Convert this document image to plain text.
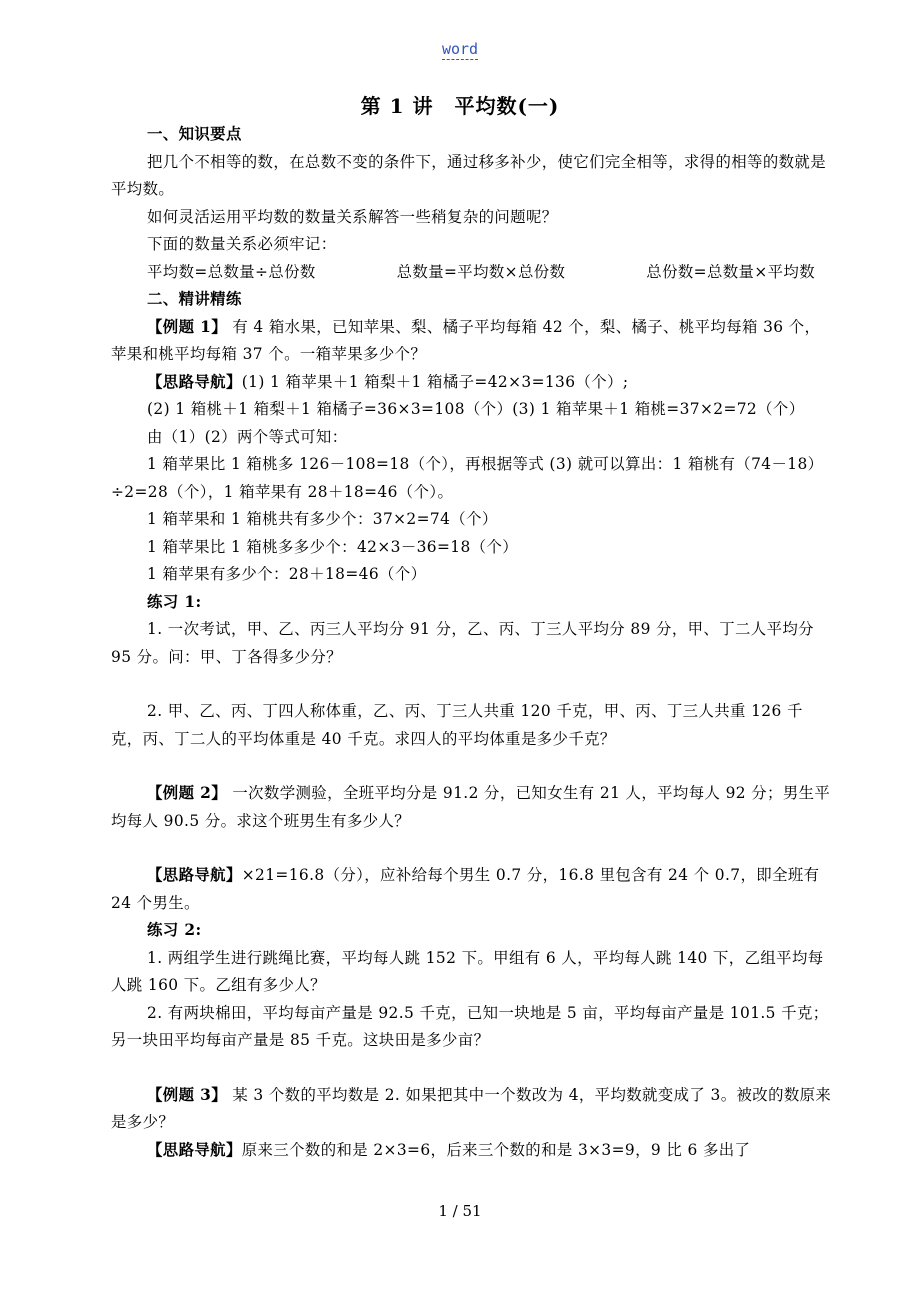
word
第 1 讲　平均数(一)

一、知识要点

把几个不相等的数，在总数不变的条件下，通过移多补少，使它们完全相等，求得的相等的数就是平均数。

如何灵活运用平均数的数量关系解答一些稍复杂的问题呢？

下面的数量关系必须牢记：

平均数=总数量÷总份数	总数量=平均数×总份数	总份数=总数量×平均数

二、精讲精练

【例题 1】 有 4 箱水果，已知苹果、梨、橘子平均每箱 42 个，梨、橘子、桃平均每箱 36 个，苹果和桃平均每箱 37 个。一箱苹果多少个？

【思路导航】(1) 1 箱苹果＋1 箱梨＋1 箱橘子=42×3=136（个）;

(2) 1 箱桃＋1 箱梨＋1 箱橘子=36×3=108（个）(3) 1 箱苹果＋1 箱桃=37×2=72（个）

由（1）(2）两个等式可知：

1 箱苹果比 1 箱桃多 126－108=18（个），再根据等式 (3) 就可以算出：1 箱桃有（74－18）÷2=28（个），1 箱苹果有 28＋18=46（个）。

1 箱苹果和 1 箱桃共有多少个：37×2=74（个）

1 箱苹果比 1 箱桃多多少个：42×3－36=18（个）

1 箱苹果有多少个：28＋18=46（个）

练习 1:

1. 一次考试，甲、乙、丙三人平均分 91 分，乙、丙、丁三人平均分 89 分，甲、丁二人平均分 95 分。问：甲、丁各得多少分？

2. 甲、乙、丙、丁四人称体重，乙、丙、丁三人共重 120 千克，甲、丙、丁三人共重 126 千克，丙、丁二人的平均体重是 40 千克。求四人的平均体重是多少千克？

【例题 2】 一次数学测验，全班平均分是 91.2 分，已知女生有 21 人，平均每人 92 分；男生平均每人 90.5 分。求这个班男生有多少人？

【思路导航】×21=16.8（分），应补给每个男生 0.7 分，16.8 里包含有 24 个 0.7，即全班有 24 个男生。

练习 2:

1. 两组学生进行跳绳比赛，平均每人跳 152 下。甲组有 6 人，平均每人跳 140 下，乙组平均每人跳 160 下。乙组有多少人？

2. 有两块棉田，平均每亩产量是 92.5 千克，已知一块地是 5 亩，平均每亩产量是 101.5 千克；另一块田平均每亩产量是 85 千克。这块田是多少亩？

【例题 3】 某 3 个数的平均数是 2. 如果把其中一个数改为 4，平均数就变成了 3。被改的数原来是多少？

【思路导航】原来三个数的和是 2×3=6，后来三个数的和是 3×3=9，9 比 6 多出了

1 / 51
